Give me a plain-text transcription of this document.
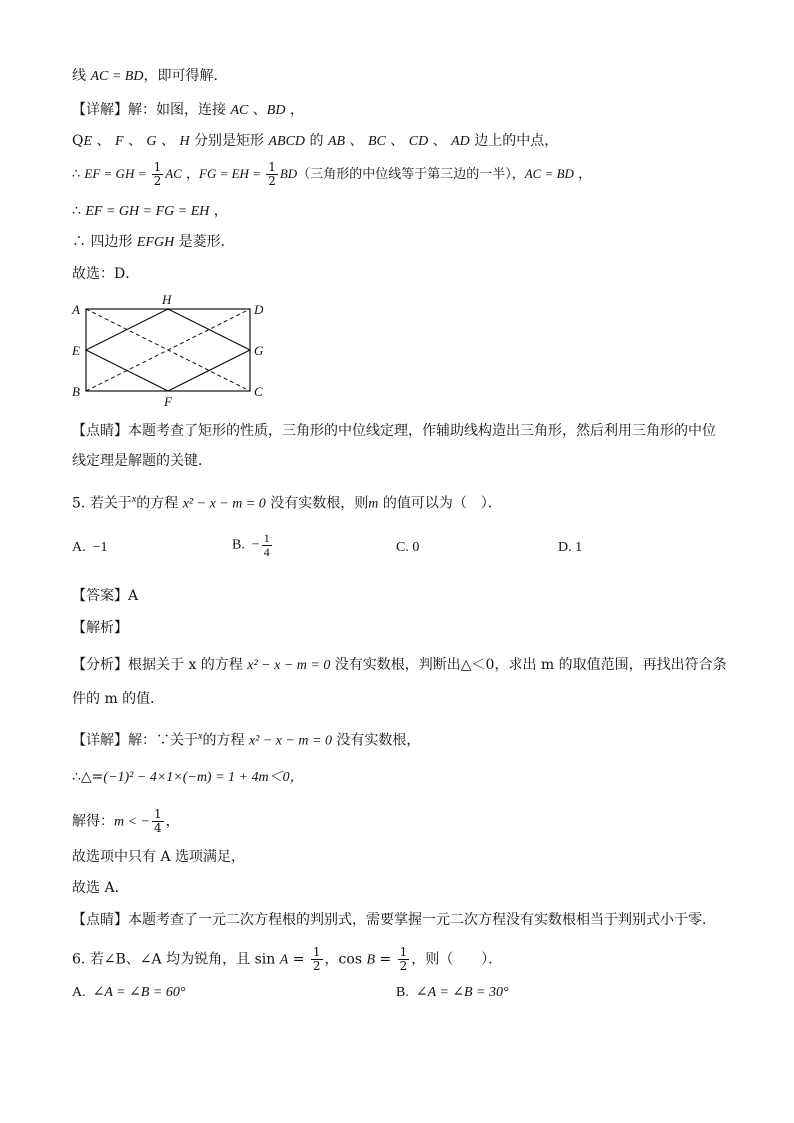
线 AC = BD，即可得解．
【详解】解：如图，连接 AC 、BD ，
QE 、 F 、 G 、 H 分别是矩形 ABCD 的 AB 、 BC 、 CD 、 AD 边上的中点，
∴ EF = GH = $\frac{1}{2}$ AC ，FG = EH = $\frac{1}{2} BD$（三角形的中位线等于第三边的一半），AC = BD ，
∴ EF = GH = FG = EH ，
∴ 四边形 EFGH 是菱形．
故选：D．
A
H
D
E	G
B	C
F
【点睛】本题考查了矩形的性质，三角形的中位线定理，作辅助线构造出三角形，然后利用三角形的中位
线定理是解题的关键．
5. 若关于$^x$的方程 x² − x − m = 0 没有实数根，则m 的值可以为（　）．
A. −1	B.  − $\frac{1}{4}$	C. 0	D. 1
【答案】A
【解析】
【分析】根据关于 x 的方程 x² − x − m = 0 没有实数根，判断出△＜0，求出 m 的取值范围，再找出符合条
件的 m 的值．
【详解】解：∵关于$^x$的方程 x² − x − m = 0 没有实数根，
∴△=(−1)² − 4×1×(−m) = 1 + 4m＜0，
解得：m < − $\frac{1}{4}$ ，
故选项中只有 A 选项满足，
故选 A.
【点睛】本题考查了一元二次方程根的判别式，需要掌握一元二次方程没有实数根相当于判别式小于零.
6. 若∠B、∠A 均为锐角，且 $\sin A = \frac{1}{2}$ ，$\cos B = \frac{1}{2}$ ，则（　　）．
A. ∠A = ∠B = 60°	B. ∠A = ∠B = 30°
